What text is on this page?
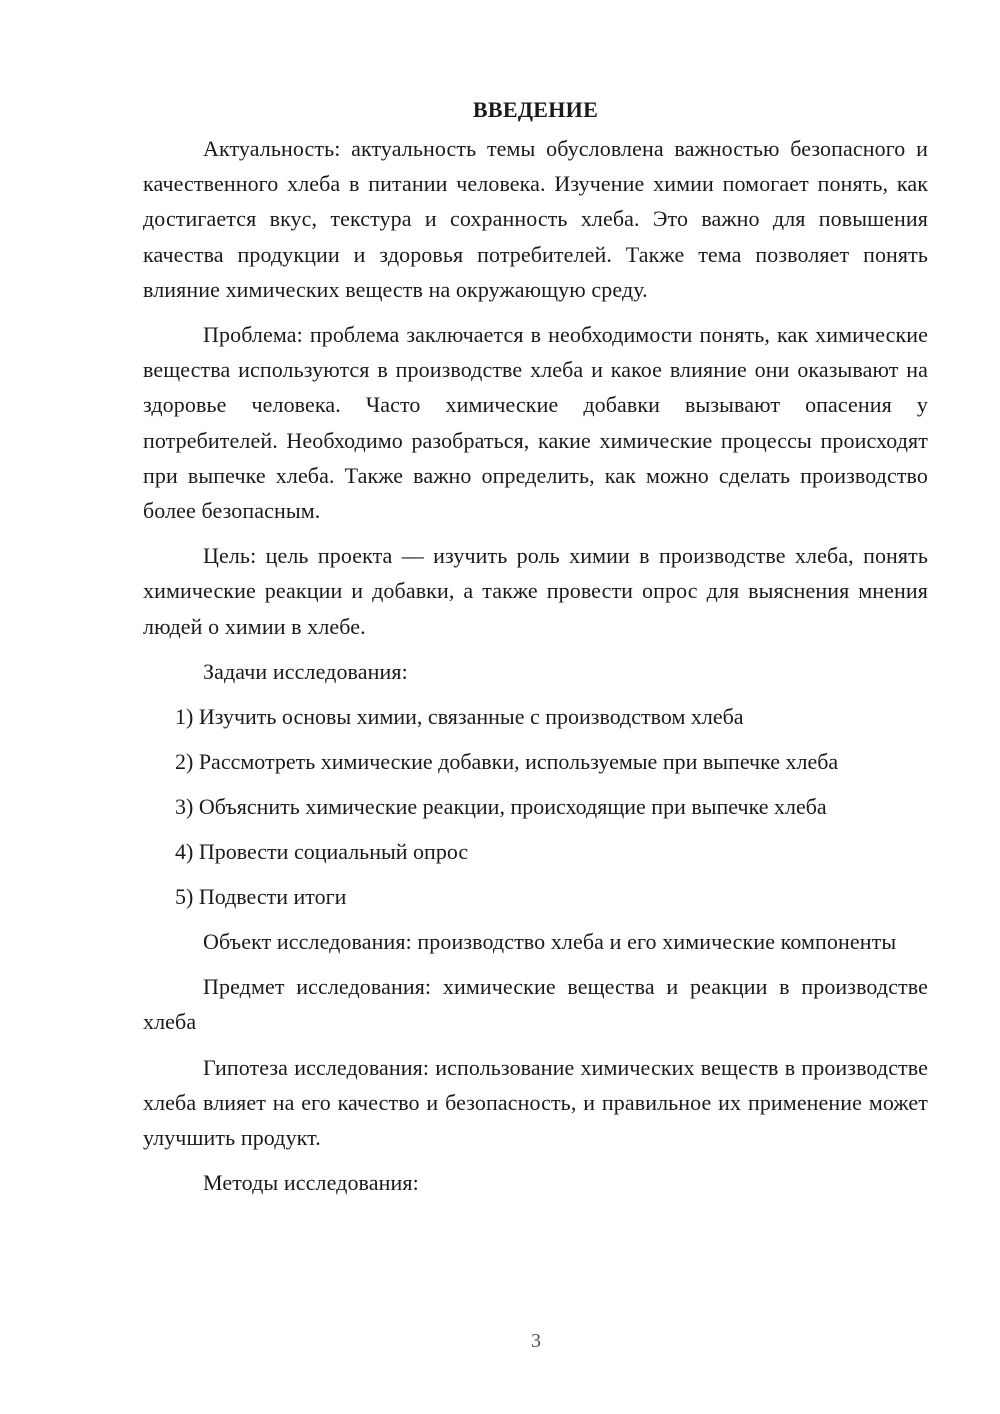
ВВЕДЕНИЕ

Актуальность: актуальность темы обусловлена важностью безопасного и качественного хлеба в питании человека. Изучение химии помогает понять, как достигается вкус, текстура и сохранность хлеба. Это важно для повышения качества продукции и здоровья потребителей. Также тема позволяет понять влияние химических веществ на окружающую среду.

Проблема: проблема заключается в необходимости понять, как химические вещества используются в производстве хлеба и какое влияние они оказывают на здоровье человека. Часто химические добавки вызывают опасения у потребителей. Необходимо разобраться, какие химические процессы происходят при выпечке хлеба. Также важно определить, как можно сделать производство более безопасным.

Цель: цель проекта — изучить роль химии в производстве хлеба, понять химические реакции и добавки, а также провести опрос для выяснения мнения людей о химии в хлебе.

Задачи исследования:

1) Изучить основы химии, связанные с производством хлеба
2) Рассмотреть химические добавки, используемые при выпечке хлеба
3) Объяснить химические реакции, происходящие при выпечке хлеба
4) Провести социальный опрос
5) Подвести итоги

Объект исследования: производство хлеба и его химические компоненты

Предмет исследования: химические вещества и реакции в производстве хлеба

Гипотеза исследования: использование химических веществ в производстве хлеба влияет на его качество и безопасность, и правильное их применение может улучшить продукт.

Методы исследования:

3
